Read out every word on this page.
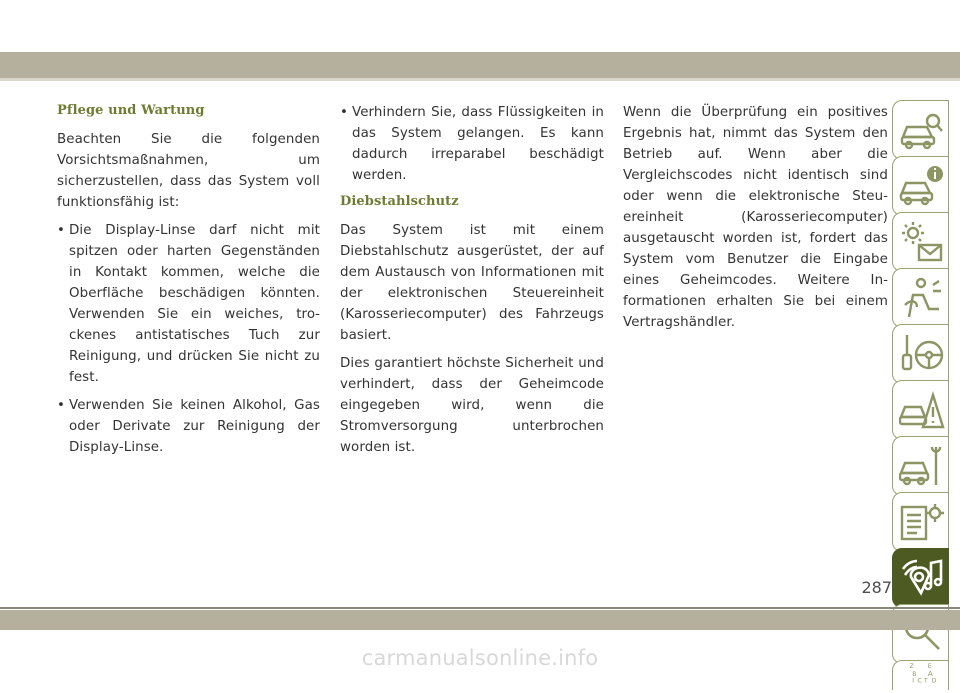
Pflege und Wartung

Beachten Sie die folgenden Vorsichtsmaßnahmen, um sicherzustellen, dass das System voll funktionsfähig ist:

• Die Display-Linse darf nicht mit spitzen oder harten Gegenständen in Kontakt kommen, welche die Oberfläche beschädigen könnten. Verwenden Sie ein weiches, trockenes antistatisches Tuch zur Reinigung, und drücken Sie nicht zu fest.
• Verwenden Sie keinen Alkohol, Gas oder Derivate zur Reinigung der Display-Linse.
• Verhindern Sie, dass Flüssigkeiten in das System gelangen. Es kann dadurch irreparabel beschädigt werden.
Diebstahlschutz

Das System ist mit einem Diebstahlschutz ausgerüstet, der auf dem Austausch von Informationen mit der elektronischen Steuereinheit (Karosseriecomputer) des Fahrzeugs basiert.

Dies garantiert höchste Sicherheit und verhindert, dass der Geheimcode eingegeben wird, wenn die Stromversorgung unterbrochen worden ist.

Wenn die Überprüfung ein positives Ergebnis hat, nimmt das System den Betrieb auf. Wenn aber die Vergleichscodes nicht identisch sind oder wenn die elektronische Steuereinheit (Karosseriecomputer) ausgetauscht worden ist, fordert das System vom Benutzer die Eingabe eines Geheimcodes. Weitere Informationen erhalten Sie bei einem Vertragshändler.

Z E
B A
C D
I T
287
carmanualsonline.info
